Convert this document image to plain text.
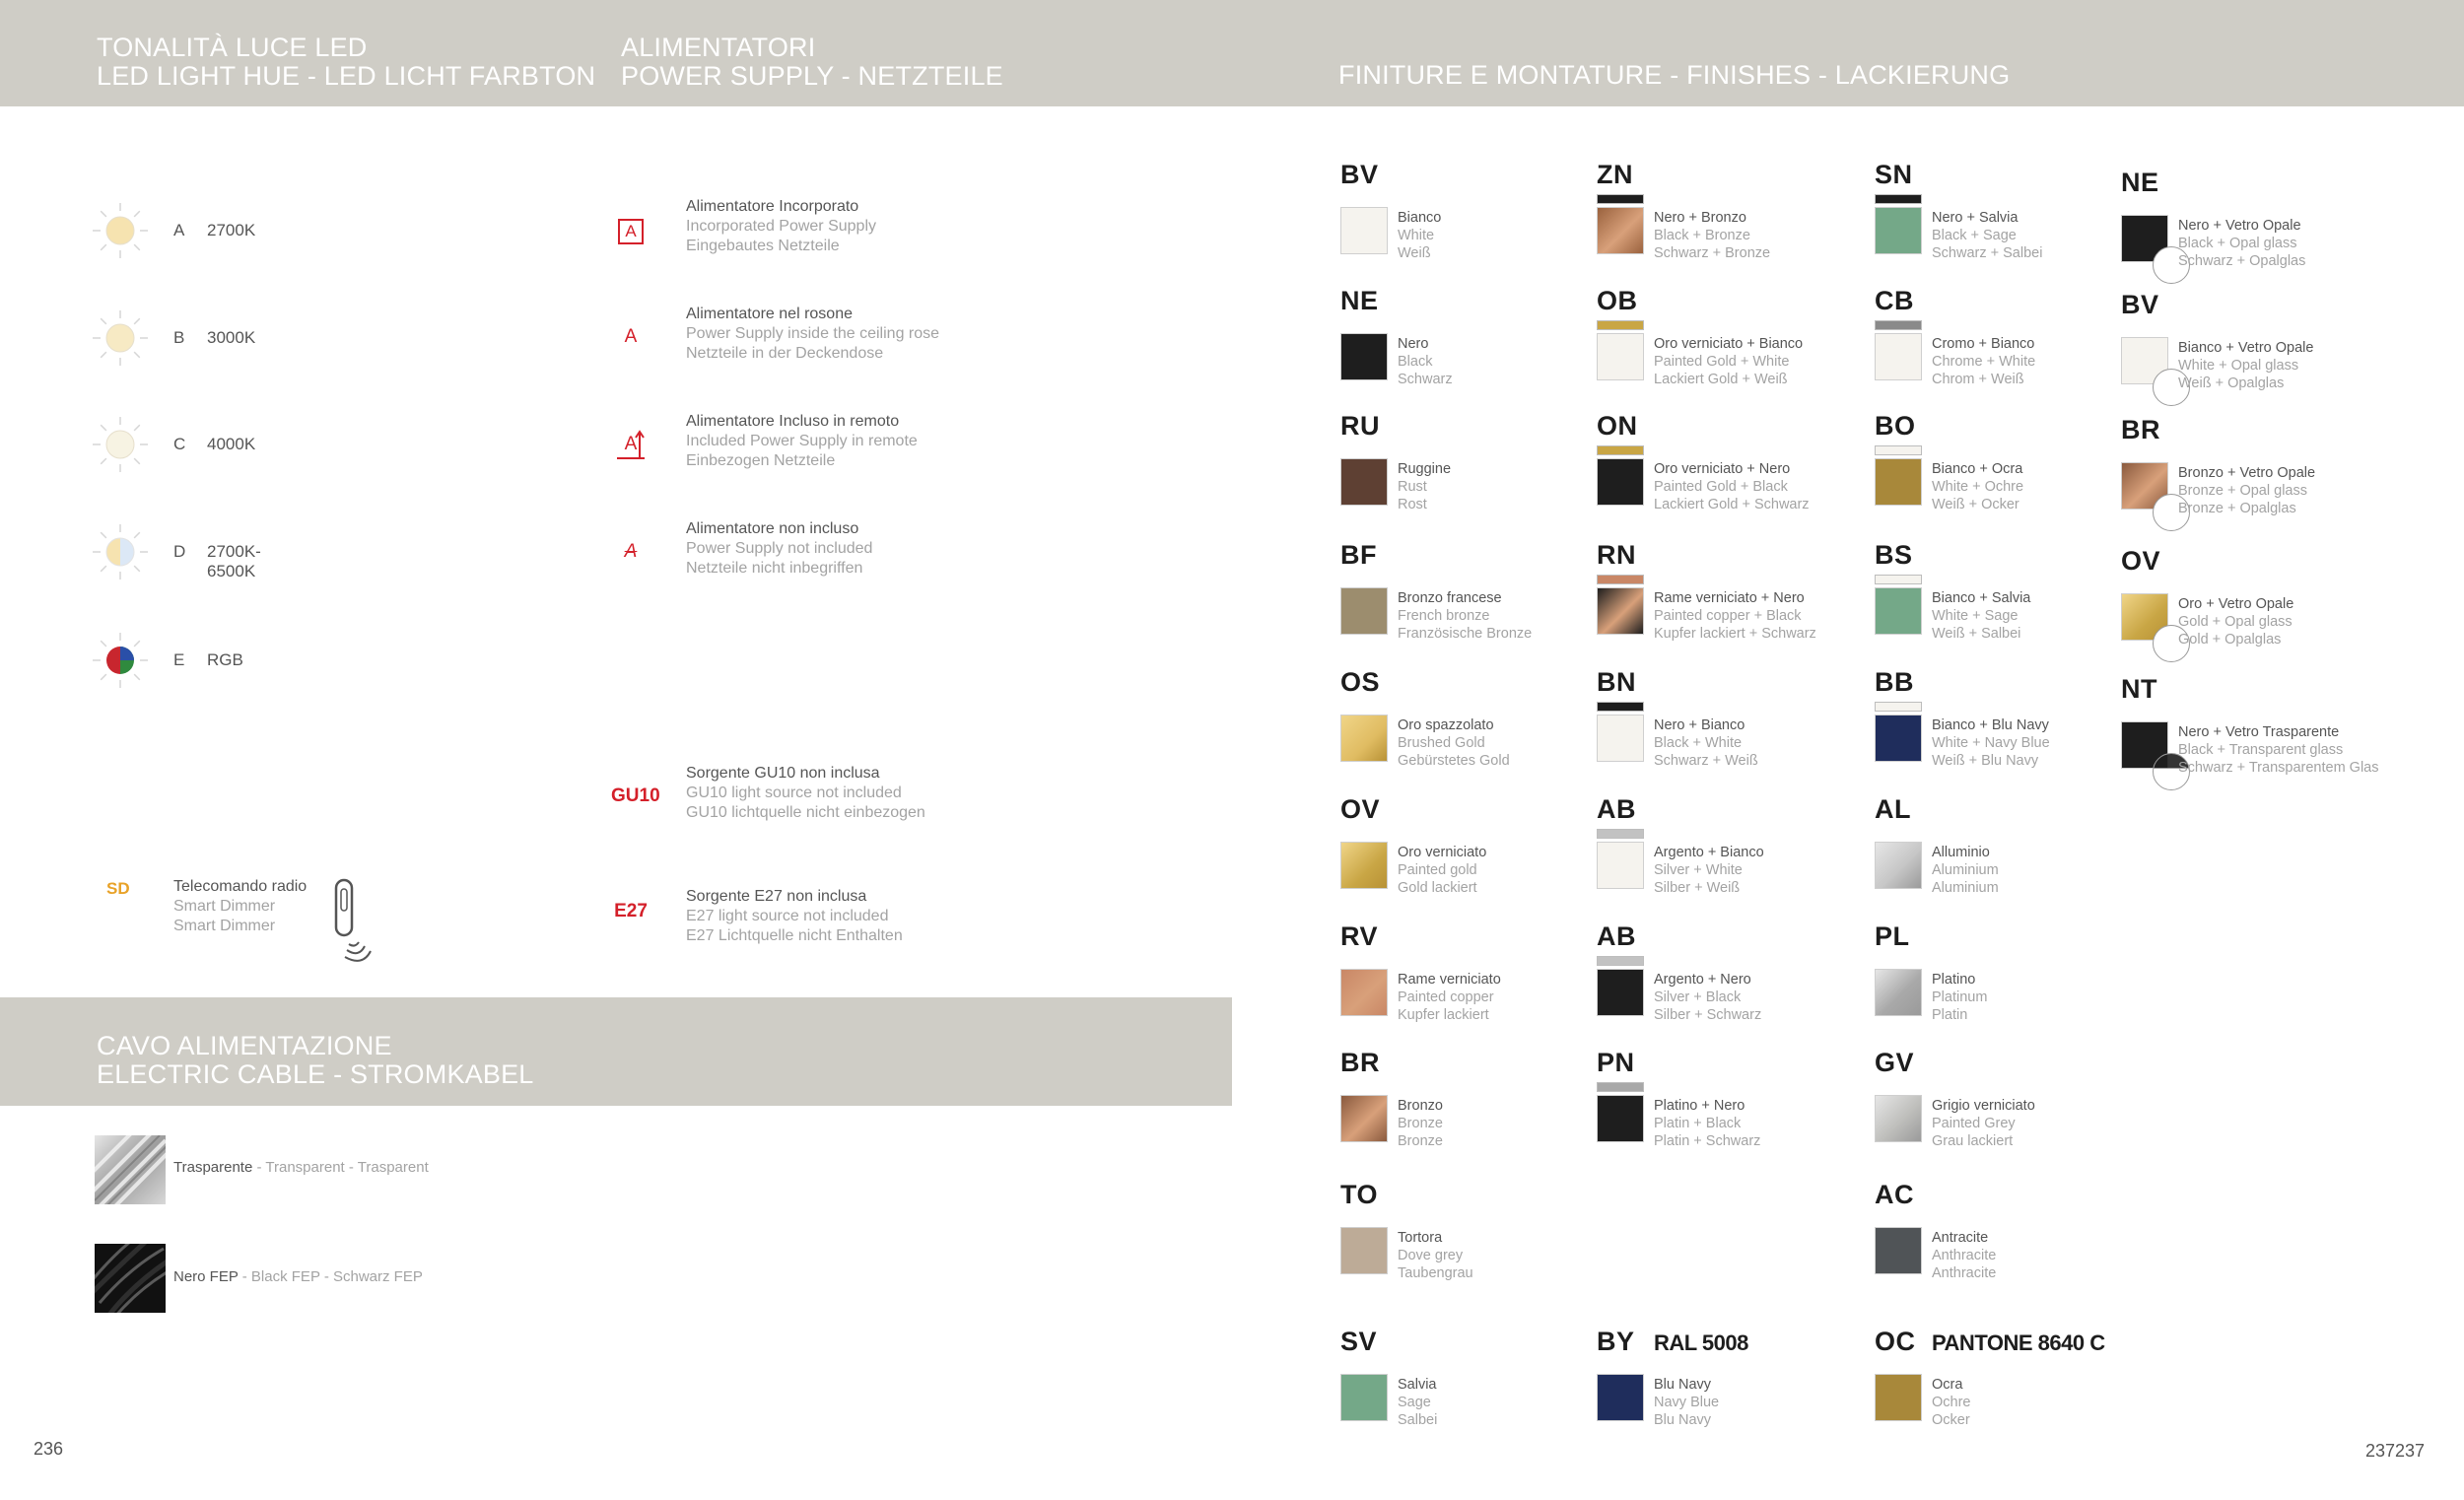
TONALITÀ LUCE LED
LED LIGHT HUE - LED LICHT FARBTON
ALIMENTATORI
POWER SUPPLY - NETZTEILE	FINITURE E MONTATURE - FINISHES - LACKIERUNG
A 2700K
B 3000K
C 4000K
D 2700K-6500K
E RGB
SD	Telecomando radio
Smart Dimmer
Smart Dimmer
A
Alimentatore Incorporato
Incorporated Power Supply
Eingebautes Netzteile
A
Alimentatore nel rosone
Power Supply inside the ceiling rose
Netzteile in der Deckendose
A
Alimentatore Incluso in remoto
Included Power Supply in remote
Einbezogen Netzteile
A
Alimentatore non incluso
Power Supply not included
Netzteile nicht inbegriffen
GU10
Sorgente GU10 non inclusa
GU10 light source not included
GU10 lichtquelle nicht einbezogen
E27
Sorgente E27 non inclusa
E27 light source not included
E27 Lichtquelle nicht Enthalten
CAVO ALIMENTAZIONE
ELECTRIC CABLE - STROMKABEL
Trasparente - Transparent - Trasparent
Nero FEP - Black FEP - Schwarz FEP
BV
Bianco
White
Weiß
NE
Nero
Black
Schwarz
RU
Ruggine
Rust
Rost
BF
Bronzo francese
French bronze
Französische Bronze
OS
Oro spazzolato
Brushed Gold
Gebürstetes Gold
OV
Oro verniciato
Painted gold
Gold lackiert
RV
Rame verniciato
Painted copper
Kupfer lackiert
BR
Bronzo
Bronze
Bronze
TO
Tortora
Dove grey
Taubengrau
SV
Salvia
Sage
Salbei
ZN
Nero + Bronzo
Black + Bronze
Schwarz + Bronze
OB
Oro verniciato + Bianco
Painted Gold + White
Lackiert Gold + Weiß
ON
Oro verniciato + Nero
Painted Gold + Black
Lackiert Gold + Schwarz
RN
Rame verniciato + Nero
Painted copper + Black
Kupfer lackiert + Schwarz
BN
Nero + Bianco
Black + White
Schwarz + Weiß
AB
Argento + Bianco
Silver + White
Silber + Weiß
AB
Argento + Nero
Silver + Black
Silber + Schwarz
PN
Platino + Nero
Platin + Black
Platin + Schwarz
BY RAL 5008
Blu Navy
Navy Blue
Blu Navy
SN
Nero + Salvia
Black + Sage
Schwarz + Salbei
CB
Cromo + Bianco
Chrome + White
Chrom + Weiß
BO
Bianco + Ocra
White + Ochre
Weiß + Ocker
BS
Bianco + Salvia
White + Sage
Weiß + Salbei
BB
Bianco + Blu Navy
White + Navy Blue
Weiß + Blu Navy
AL
Alluminio
Aluminium
Aluminium
PL
Platino
Platinum
Platin
GV
Grigio verniciato
Painted Grey
Grau lackiert
AC
Antracite
Anthracite
Anthracite
OC PANTONE 8640 C
Ocra
Ochre
Ocker
NE
Nero + Vetro Opale
Black + Opal glass
Schwarz + Opalglas
BV
Bianco + Vetro Opale
White + Opal glass
Weiß + Opalglas
BR
Bronzo + Vetro Opale
Bronze + Opal glass
Bronze + Opalglas
OV
Oro + Vetro Opale
Gold + Opal glass
Gold + Opalglas
NT
Nero + Vetro Trasparente
Black + Transparent glass
Schwarz + Transparentem Glas
236	237237
